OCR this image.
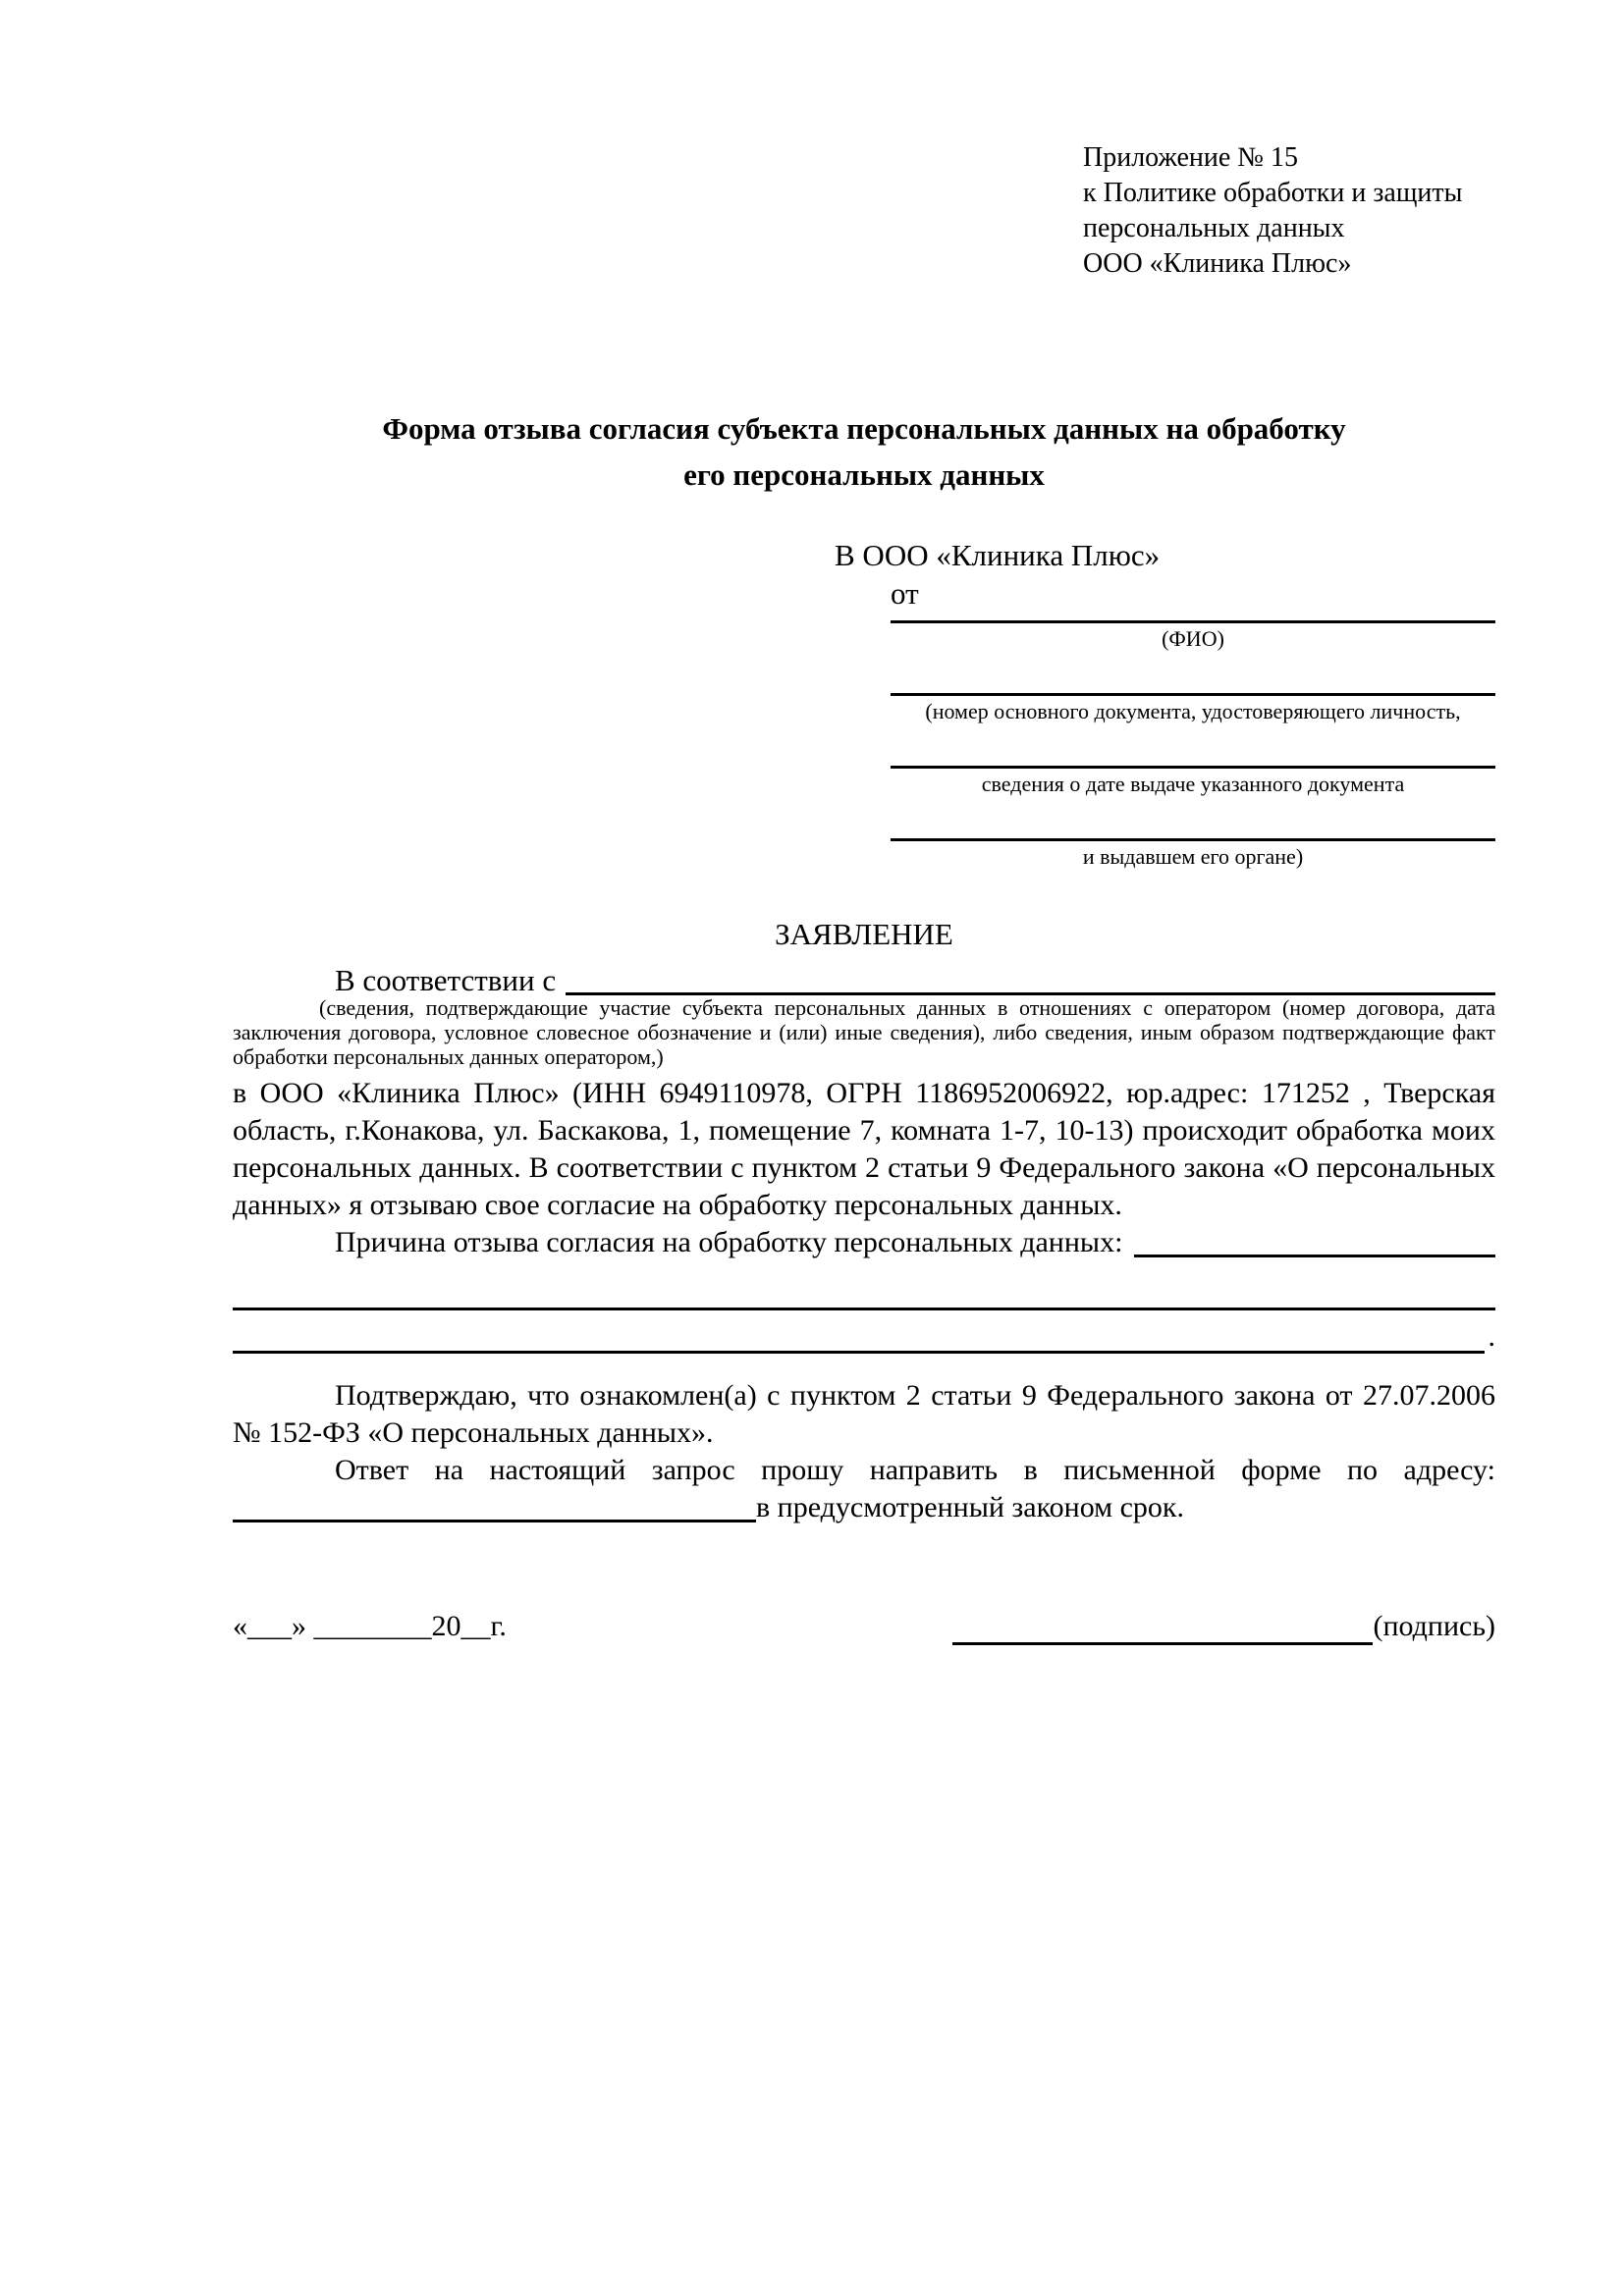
Приложение № 15
к Политике обработки и защиты
персональных данных
ООО «Клиника Плюс»
Форма отзыва согласия субъекта персональных данных на обработку
его персональных данных
В ООО «Клиника Плюс»
от
(ФИО)
(номер основного документа, удостоверяющего личность,
сведения о дате выдаче указанного документа
и выдавшем его органе)
ЗАЯВЛЕНИЕ
В соответствии с
(сведения, подтверждающие участие субъекта персональных данных в отношениях с оператором (номер договора, дата заключения договора, условное словесное обозначение и (или) иные сведения), либо сведения, иным образом подтверждающие факт обработки персональных данных оператором,)
в ООО «Клиника Плюс» (ИНН 6949110978, ОГРН 1186952006922, юр.адрес: 171252 , Тверская область, г.Конакова, ул. Баскакова, 1, помещение 7, комната 1-7, 10-13) происходит обработка моих персональных данных. В соответствии с пунктом 2 статьи 9 Федерального закона «О персональных данных» я отзываю свое согласие на обработку персональных данных.
Причина отзыва согласия на обработку персональных данных:
.
Подтверждаю, что ознакомлен(а) с пунктом 2 статьи 9 Федерального закона от 27.07.2006 № 152-ФЗ «О персональных данных».
Ответ на настоящий запрос прошу направить в письменной форме по адресу:
в предусмотренный законом срок.
«___» ________20__г.	(подпись)
